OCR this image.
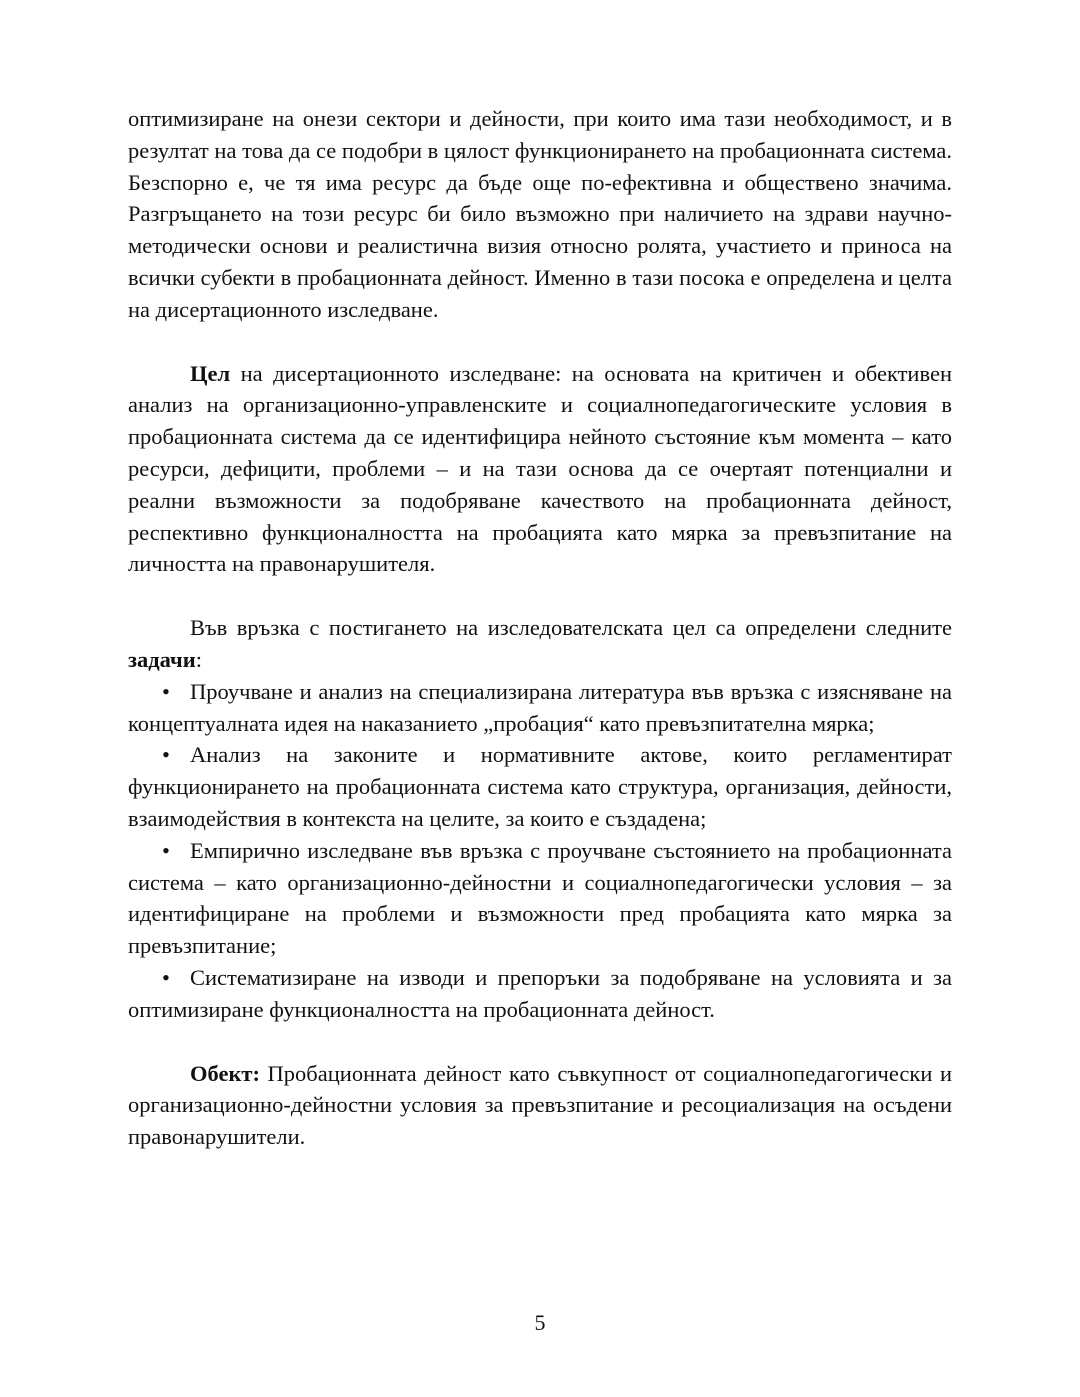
оптимизиране на онези сектори и дейности, при които има тази необходимост, и в резултат на това да се подобри в цялост функционирането на пробационната система. Безспорно е, че тя има ресурс да бъде още по-ефективна и обществено значима. Разгръщането на този ресурс би било възможно при наличието на здрави научно-методически основи и реалистична визия относно ролята, участието и приноса на всички субекти в пробационната дейност. Именно в тази посока е определена и целта на дисертационното изследване.

Цел на дисертационното изследване: на основата на критичен и обективен анализ на организационно-управленските и социалнопедагогическите условия в пробационната система да се идентифицира нейното състояние към момента – като ресурси, дефицити, проблеми – и на тази основа да се очертаят потенциални и реални възможности за подобряване качеството на пробационната дейност, респективно функционалността на пробацията като мярка за превъзпитание на личността на правонарушителя.

Във връзка с постигането на изследователската цел са определени следните задачи:

• Проучване и анализ на специализирана литература във връзка с изясняване на концептуалната идея на наказанието „пробация“ като превъзпитателна мярка;
• Анализ на законите и нормативните актове, които регламентират функционирането на пробационната система като структура, организация, дейности, взаимодействия в контекста на целите, за които е създадена;
• Емпирично изследване във връзка с проучване състоянието на пробационната система – като организационно-дейностни и социалнопедагогически условия – за идентифициране на проблеми и възможности пред пробацията като мярка за превъзпитание;
• Систематизиране на изводи и препоръки за подобряване на условията и за оптимизиране функционалността на пробационната дейност.

Обект: Пробационната дейност като съвкупност от социалнопедагогически и организационно-дейностни условия за превъзпитание и ресоциализация на осъдени правонарушители.

5
